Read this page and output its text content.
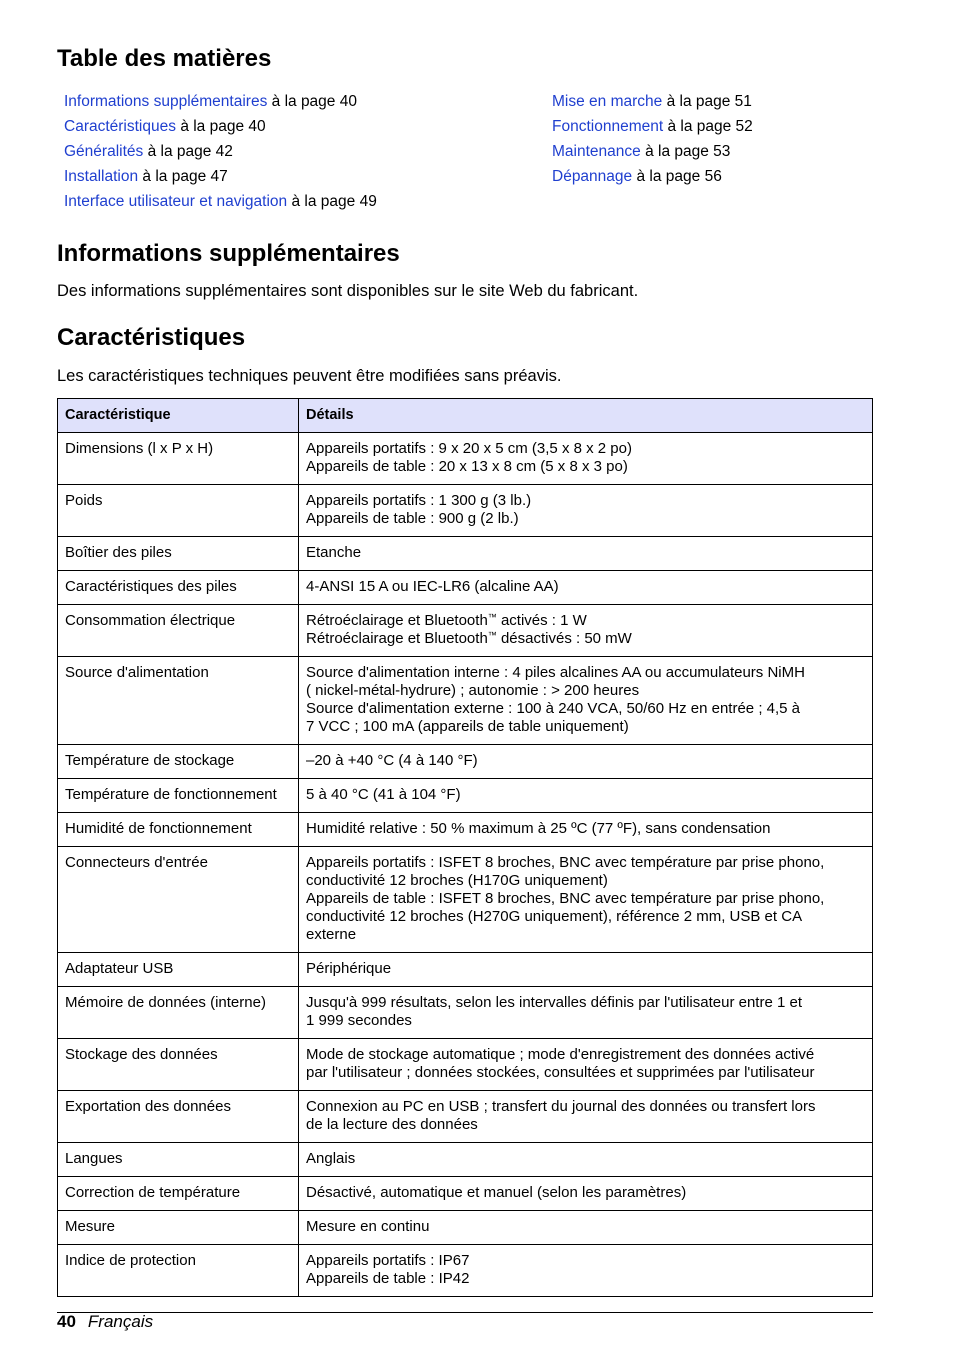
Table des matières
Informations supplémentaires à la page 40
Caractéristiques à la page 40
Généralités à la page 42
Installation à la page 47
Interface utilisateur et navigation à la page 49
Mise en marche à la page 51
Fonctionnement à la page 52
Maintenance à la page 53
Dépannage à la page 56
Informations supplémentaires

Des informations supplémentaires sont disponibles sur le site Web du fabricant.

Caractéristiques

Les caractéristiques techniques peuvent être modifiées sans préavis.

Caractéristique	Détails
Dimensions (l x P x H)	Appareils portatifs : 9 x 20 x 5 cm (3,5 x 8 x 2 po)
Appareils de table : 20 x 13 x 8 cm (5 x 8 x 3 po)

Poids	Appareils portatifs : 1 300 g (3 lb.)
Appareils de table : 900 g (2 lb.)

Boîtier des piles	Etanche

Caractéristiques des piles	4-ANSI 15 A ou IEC-LR6 (alcaline AA)

Consommation électrique	Rétroéclairage et Bluetooth™ activés : 1 W
Rétroéclairage et Bluetooth™ désactivés : 50 mW

Source d'alimentation	Source d'alimentation interne : 4 piles alcalines AA ou accumulateurs NiMH
( nickel-métal-hydrure) ; autonomie : > 200 heures
Source d'alimentation externe : 100 à 240 VCA, 50/60 Hz en entrée ; 4,5 à
7 VCC ; 100 mA (appareils de table uniquement)

Température de stockage	–20 à +40 °C (4 à 140 °F)

Température de fonctionnement	5 à 40 °C (41 à 104 °F)

Humidité de fonctionnement	Humidité relative : 50 % maximum à 25 ºC (77 ºF), sans condensation

Connecteurs d'entrée	Appareils portatifs : ISFET 8 broches, BNC avec température par prise phono,
conductivité 12 broches (H170G uniquement)
Appareils de table : ISFET 8 broches, BNC avec température par prise phono,
conductivité 12 broches (H270G uniquement), référence 2 mm, USB et CA
externe

Adaptateur USB	Périphérique

Mémoire de données (interne)	Jusqu'à 999 résultats, selon les intervalles définis par l'utilisateur entre 1 et
1 999 secondes

Stockage des données	Mode de stockage automatique ; mode d'enregistrement des données activé
par l'utilisateur ; données stockées, consultées et supprimées par l'utilisateur

Exportation des données	Connexion au PC en USB ; transfert du journal des données ou transfert lors
de la lecture des données

Langues	Anglais

Correction de température	Désactivé, automatique et manuel (selon les paramètres)

Mesure	Mesure en continu

Indice de protection	Appareils portatifs : IP67
Appareils de table : IP42
40 Français
